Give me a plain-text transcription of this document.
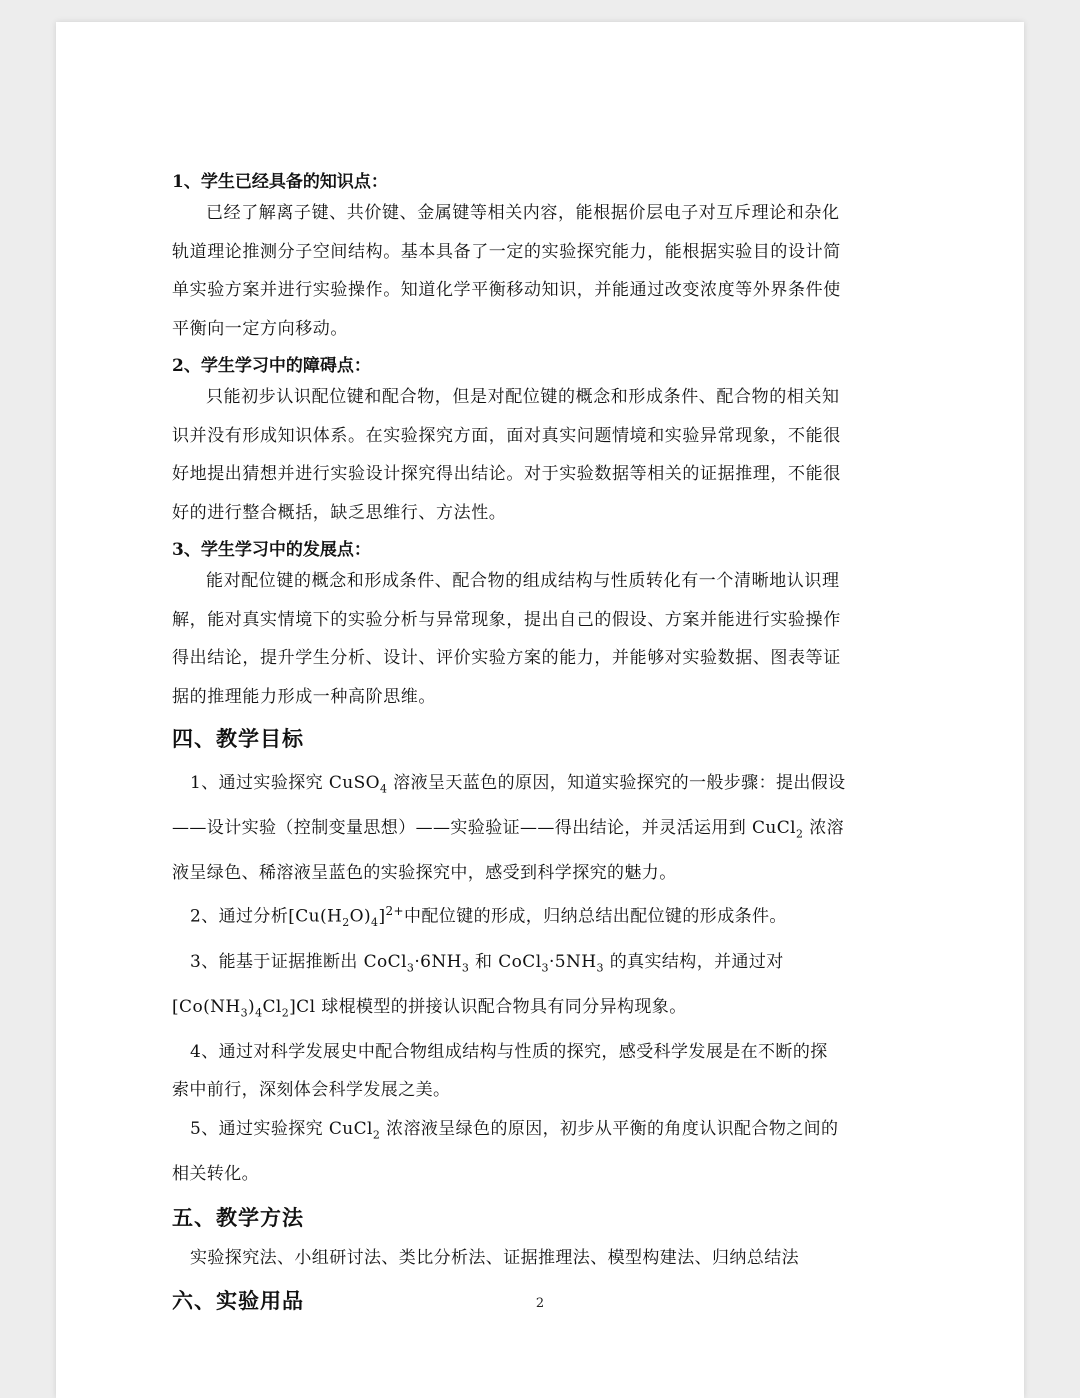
1、学生已经具备的知识点：

已经了解离子键、共价键、金属键等相关内容，能根据价层电子对互斥理论和杂化
轨道理论推测分子空间结构。基本具备了一定的实验探究能力，能根据实验目的设计简
单实验方案并进行实验操作。知道化学平衡移动知识，并能通过改变浓度等外界条件使
平衡向一定方向移动。

2、学生学习中的障碍点：

只能初步认识配位键和配合物，但是对配位键的概念和形成条件、配合物的相关知
识并没有形成知识体系。在实验探究方面，面对真实问题情境和实验异常现象，不能很
好地提出猜想并进行实验设计探究得出结论。对于实验数据等相关的证据推理，不能很
好的进行整合概括，缺乏思维行、方法性。

3、学生学习中的发展点：

能对配位键的概念和形成条件、配合物的组成结构与性质转化有一个清晰地认识理
解，能对真实情境下的实验分析与异常现象，提出自己的假设、方案并能进行实验操作
得出结论，提升学生分析、设计、评价实验方案的能力，并能够对实验数据、图表等证
据的推理能力形成一种高阶思维。

四、教学目标

1、通过实验探究 CuSO$_4$ 溶液呈天蓝色的原因，知道实验探究的一般步骤：提出假设
——设计实验（控制变量思想）——实验验证——得出结论，并灵活运用到 CuCl$_2$ 浓溶
液呈绿色、稀溶液呈蓝色的实验探究中，感受到科学探究的魅力。
2、通过分析$[Cu(H_2O)_4]^{2+}$中配位键的形成，归纳总结出配位键的形成条件。
3、能基于证据推断出 $CoCl_3\cdot 6NH_3$ 和 $CoCl_3\cdot 5NH_3$ 的真实结构，并通过对
$[Co(NH_3)_4Cl_2]Cl$ 球棍模型的拼接认识配合物具有同分异构现象。
4、通过对科学发展史中配合物组成结构与性质的探究，感受科学发展是在不断的探
索中前行，深刻体会科学发展之美。
5、通过实验探究 CuCl$_2$ 浓溶液呈绿色的原因，初步从平衡的角度认识配合物之间的
相关转化。

五、教学方法

实验探究法、小组研讨法、类比分析法、证据推理法、模型构建法、归纳总结法

六、实验用品	2
